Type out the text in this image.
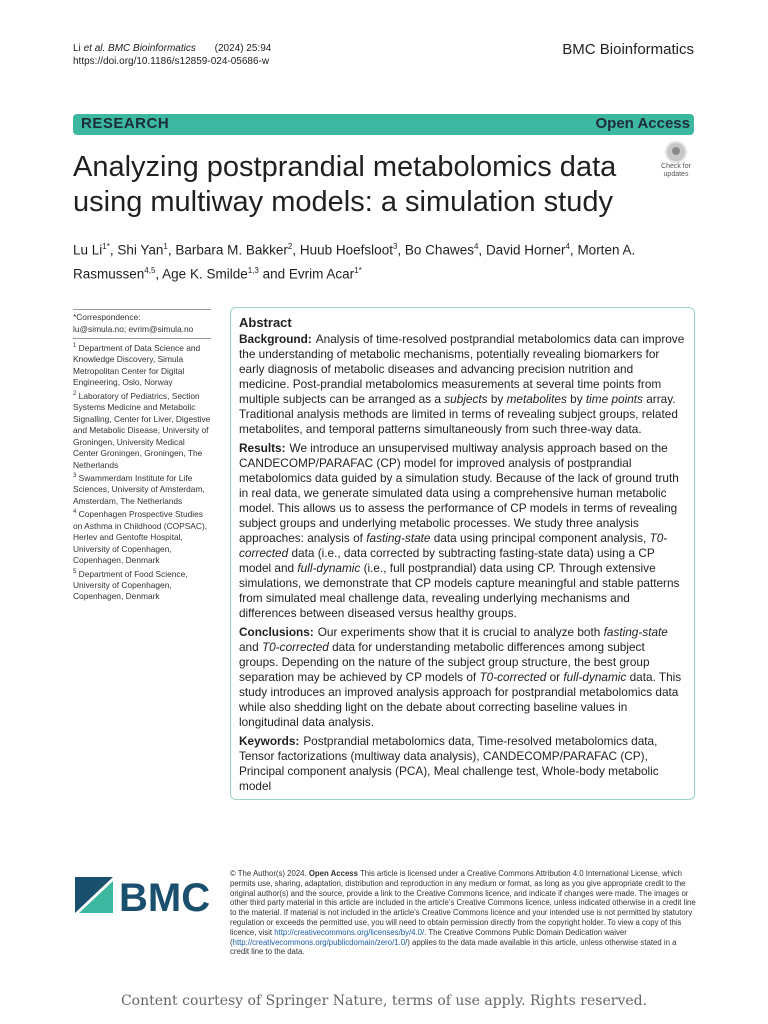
Li et al. BMC Bioinformatics (2024) 25:94
https://doi.org/10.1186/s12859-024-05686-w
BMC Bioinformatics
RESEARCH	Open Access
Analyzing postprandial metabolomics data using multiway models: a simulation study
Check for
updates
Lu $Li^{1*}$, Shi Yan$^1$, Barbara M. Bakker$^2$, Huub Hoefsloot$^3$, Bo Chawes$^4$, David Horner$^4$, Morten A. Rasmussen$^{4,5}$, Age K. Smilde$^{1,3}$ and Evrim Acar$^{1*}$
*Correspondence:
lu@simula.no; evrim@simula.no

$^1$ Department of Data Science and Knowledge Discovery, Simula Metropolitan Center for Digital Engineering, Oslo, Norway

$^2$ Laboratory of Pediatrics, Section Systems Medicine and Metabolic Signalling, Center for Liver, Digestive and Metabolic Disease, University of Groningen, University Medical Center Groningen, Groningen, The Netherlands

$^3$ Swammerdam Institute for Life Sciences, University of Amsterdam, Amsterdam, The Netherlands

$^4$ Copenhagen Prospective Studies on Asthma in Childhood (COPSAC), Herlev and Gentofte Hospital, University of Copenhagen, Copenhagen, Denmark

$^5$ Department of Food Science, University of Copenhagen, Copenhagen, Denmark

Abstract

Background: Analysis of time-resolved postprandial metabolomics data can improve the understanding of metabolic mechanisms, potentially revealing biomarkers for early diagnosis of metabolic diseases and advancing precision nutrition and medicine. Post-prandial metabolomics measurements at several time points from multiple subjects can be arranged as a subjects by metabolites by time points array. Traditional analysis methods are limited in terms of revealing subject groups, related metabolites, and temporal patterns simultaneously from such three-way data.

Results: We introduce an unsupervised multiway analysis approach based on the CANDECOMP/PARAFAC (CP) model for improved analysis of postprandial metabolomics data guided by a simulation study. Because of the lack of ground truth in real data, we generate simulated data using a comprehensive human metabolic model. This allows us to assess the performance of CP models in terms of revealing subject groups and underlying metabolic processes. We study three analysis approaches: analysis of fasting-state data using principal component analysis, T0-corrected data (i.e., data corrected by subtracting fasting-state data) using a CP model and full-dynamic (i.e., full postprandial) data using CP. Through extensive simulations, we demonstrate that CP models capture meaningful and stable patterns from simulated meal challenge data, revealing underlying mechanisms and differences between diseased versus healthy groups.

Conclusions: Our experiments show that it is crucial to analyze both fasting-state and T0-corrected data for understanding metabolic differences among subject groups. Depending on the nature of the subject group structure, the best group separation may be achieved by CP models of T0-corrected or full-dynamic data. This study introduces an improved analysis approach for postprandial metabolomics data while also shedding light on the debate about correcting baseline values in longitudinal data analysis.

Keywords: Postprandial metabolomics data, Time-resolved metabolomics data, Tensor factorizations (multiway data analysis), CANDECOMP/PARAFAC (CP), Principal component analysis (PCA), Meal challenge test, Whole-body metabolic model

BMC
© The Author(s) 2024. Open Access This article is licensed under a Creative Commons Attribution 4.0 International License, which permits use, sharing, adaptation, distribution and reproduction in any medium or format, as long as you give appropriate credit to the original author(s) and the source, provide a link to the Creative Commons licence, and indicate if changes were made. The images or other third party material in this article are included in the article’s Creative Commons licence, unless indicated otherwise in a credit line to the material. If material is not included in the article’s Creative Commons licence and your intended use is not permitted by statutory regulation or exceeds the permitted use, you will need to obtain permission directly from the copyright holder. To view a copy of this licence, visit http://creativecommons.org/licenses/by/4.0/. The Creative Commons Public Domain Dedication waiver (http://creativecommons.org/publicdomain/zero/1.0/) applies to the data made available in this article, unless otherwise stated in a credit line to the data.
Content courtesy of Springer Nature, terms of use apply. Rights reserved.
